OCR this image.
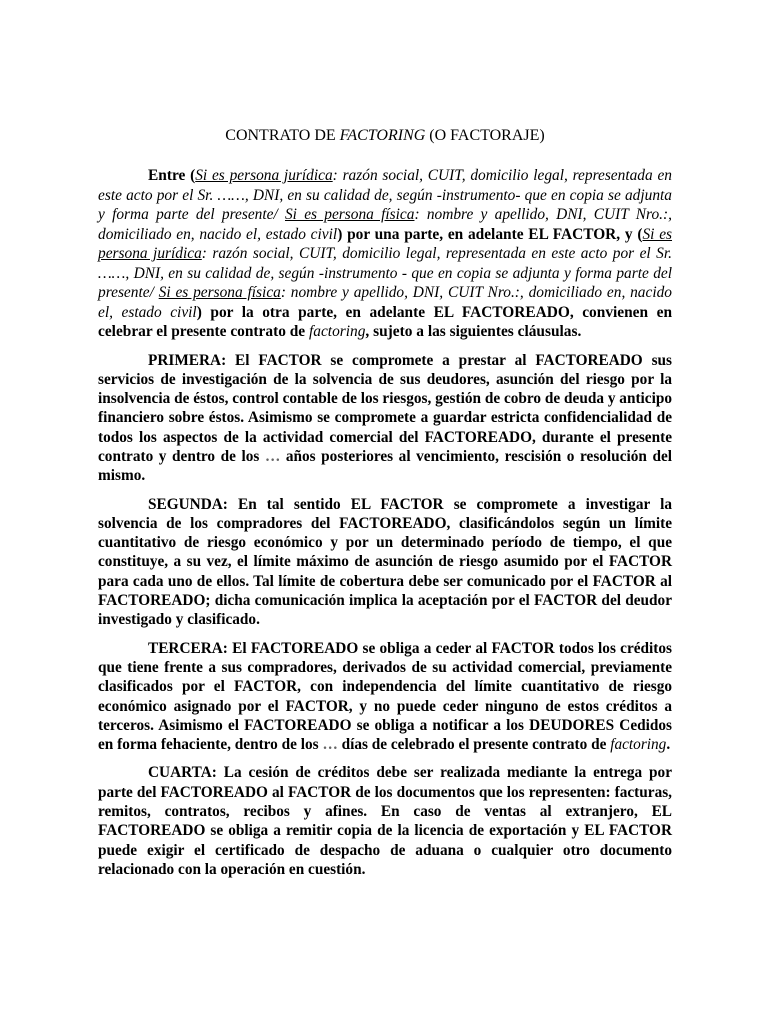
CONTRATO DE FACTORING (O FACTORAJE)

Entre (Si es persona jurídica: razón social, CUIT, domicilio legal, representada en este acto por el Sr. ……, DNI, en su calidad de, según -instrumento- que en copia se adjunta y forma parte del presente/ Si es persona física: nombre y apellido, DNI, CUIT Nro.:, domiciliado en, nacido el, estado civil) por una parte, en adelante EL FACTOR, y (Si es persona jurídica: razón social, CUIT, domicilio legal, representada en este acto por el Sr. ……, DNI, en su calidad de, según -instrumento - que en copia se adjunta y forma parte del presente/ Si es persona física: nombre y apellido, DNI, CUIT Nro.:, domiciliado en, nacido el, estado civil) por la otra parte, en adelante EL FACTOREADO, convienen en celebrar el presente contrato de factoring, sujeto a las siguientes cláusulas.

PRIMERA: El FACTOR se compromete a prestar al FACTOREADO sus servicios de investigación de la solvencia de sus deudores, asunción del riesgo por la insolvencia de éstos, control contable de los riesgos, gestión de cobro de deuda y anticipo financiero sobre éstos. Asimismo se compromete a guardar estricta confidencialidad de todos los aspectos de la actividad comercial del FACTOREADO, durante el presente contrato y dentro de los … años posteriores al vencimiento, rescisión o resolución del mismo.

SEGUNDA: En tal sentido EL FACTOR se compromete a investigar la solvencia de los compradores del FACTOREADO, clasificándolos según un límite cuantitativo de riesgo económico y por un determinado período de tiempo, el que constituye, a su vez, el límite máximo de asunción de riesgo asumido por el FACTOR para cada uno de ellos. Tal límite de cobertura debe ser comunicado por el FACTOR al FACTOREADO; dicha comunicación implica la aceptación por el FACTOR del deudor investigado y clasificado.

TERCERA: El FACTOREADO se obliga a ceder al FACTOR todos los créditos que tiene frente a sus compradores, derivados de su actividad comercial, previamente clasificados por el FACTOR, con independencia del límite cuantitativo de riesgo económico asignado por el FACTOR, y no puede ceder ninguno de estos créditos a terceros. Asimismo el FACTOREADO se obliga a notificar a los DEUDORES Cedidos en forma fehaciente, dentro de los … días de celebrado el presente contrato de factoring.

CUARTA: La cesión de créditos debe ser realizada mediante la entrega por parte del FACTOREADO al FACTOR de los documentos que los representen: facturas, remitos, contratos, recibos y afines. En caso de ventas al extranjero, EL FACTOREADO se obliga a remitir copia de la licencia de exportación y EL FACTOR puede exigir el certificado de despacho de aduana o cualquier otro documento relacionado con la operación en cuestión.
